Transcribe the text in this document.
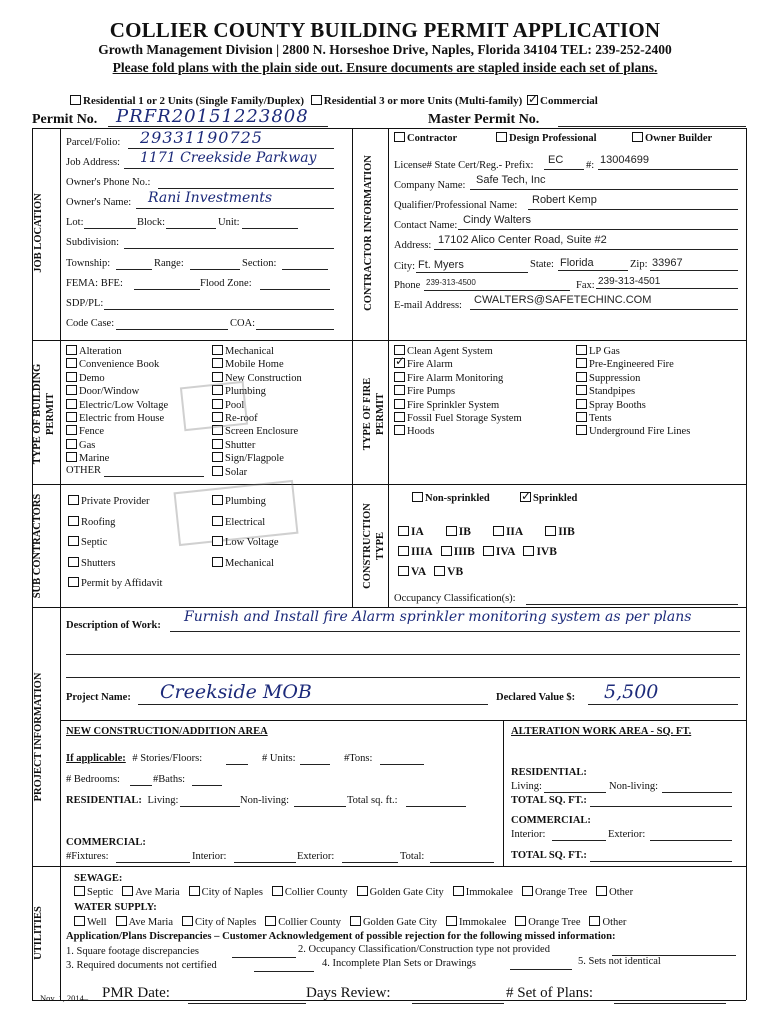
COLLIER COUNTY BUILDING PERMIT APPLICATION
Growth Management Division | 2800 N. Horseshoe Drive, Naples, Florida 34104 TEL: 239-252-2400
Please fold plans with the plain side out. Ensure documents are stapled inside each set of plans.
Residential 1 or 2 Units (Single Family/Duplex) Residential 3 or more Units (Multi-family) ✓ Commercial
Permit No. PRFR20151223808	Master Permit No.
JOB LOCATION	CONTRACTOR INFORMATION
TYPE OF BUILDING PERMIT	TYPE OF FIRE PERMIT
SUB CONTRACTORS	CONSTRUCTION TYPE
PROJECT INFORMATION
UTILITIES
Parcel/Folio: 29331190725
Job Address: 1171 Creekside Parkway
Owner's Phone No.:
Owner's Name: Rani Investments
Lot:	Block:	Unit:
Subdivision:
Township:	Range:	Section:
FEMA: BFE:	Flood Zone:
SDP/PL:
Code Case:	COA:
Contractor	Design Professional	Owner Builder
License# State Cert/Reg.- Prefix: EC #: 13004699
Company Name: Safe Tech, Inc
Qualifier/Professional Name: Robert Kemp
Contact Name: Cindy Walters
Address: 17102 Alico Center Road, Suite #2
City: Ft. Myers	State: Florida	Zip: 33967
Phone 239-313-4500	Fax: 239-313-4501
E-mail Address: CWALTERS@SAFETECHINC.COM
Alteration
Convenience Book
Demo
Door/Window
Electric/Low Voltage
Electric from House
Fence
Gas
Marine
OTHER
Mechanical
Mobile Home
New Construction
Plumbing
Pool
Re-roof
Screen Enclosure
Shutter
Sign/Flagpole
Solar

Clean Agent System
✓Fire Alarm
Fire Alarm Monitoring
Fire Pumps
Fire Sprinkler System
Fossil Fuel Storage System
Hoods
LP Gas
Pre-Engineered Fire
Suppression
Standpipes
Spray Booths
Tents
Underground Fire Lines
Private Provider
Roofing
Septic
Shutters
Permit by Affidavit
Plumbing
Electrical
Low Voltage
Mechanical
Non-sprinkled ✓	Sprinkled
IA	IB	IIA	IIB
IIIA IIIB IVA IVB
VA VB
Occupancy Classification(s):
Description of Work:
Furnish and Install fire Alarm sprinkler monitoring system as per plans
Project Name: Creekside MOB	Declared Value $: 5,500
NEW CONSTRUCTION/ADDITION AREA	ALTERATION WORK AREA - SQ. FT.
If applicable: # Stories/Floors:	# Units:	#Tons:
# Bedrooms:	#Baths:
RESIDENTIAL: Living:	Non-living:	Total sq. ft.:
COMMERCIAL:
#Fixtures:	Interior:	Exterior:	Total:
RESIDENTIAL:
Living:	Non-living:
TOTAL SQ. FT.:
COMMERCIAL:
Interior:	Exterior:
TOTAL SQ. FT.:
SEWAGE:
Septic Ave Maria City of Naples Collier County Golden Gate City Immokalee Orange Tree Other
WATER SUPPLY:
Well Ave Maria City of Naples Collier County Golden Gate City Immokalee Orange Tree Other
Application/Plans Discrepancies – Customer Acknowledgement of possible rejection for the following missed information:
1. Square footage discrepancies	2. Occupancy Classification/Construction type not provided
3. Required documents not certified	4. Incomplete Plan Sets or Drawings	5. Sets not identical
Nov. 1, 2014– PMR Date:	Days Review:	# Set of Plans:
